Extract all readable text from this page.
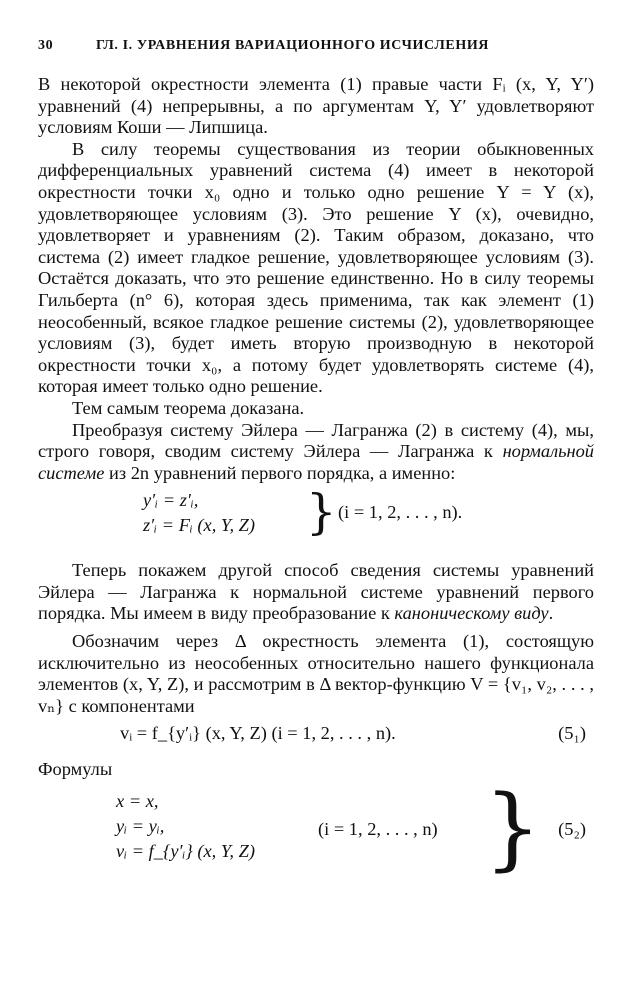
30	ГЛ. I. УРАВНЕНИЯ ВАРИАЦИОННОГО ИСЧИСЛЕНИЯ

В некоторой окрестности элемента (1) правые части Fᵢ (x, Y, Y′) уравнений (4) непрерывны, а по аргументам Y, Y′ удовлетворяют условиям Коши — Липшица.

В силу теоремы существования из теории обыкновенных дифференциальных уравнений система (4) имеет в некоторой окрестности точки x₀ одно и только одно решение Y = Y (x), удовлетворяющее условиям (3). Это решение Y (x), очевидно, удовлетворяет и уравнениям (2). Таким образом, доказано, что система (2) имеет гладкое решение, удовлетворяющее условиям (3). Остаётся доказать, что это решение единственно. Но в силу теоремы Гильберта (n° 6), которая здесь применима, так как элемент (1) неособенный, всякое гладкое решение системы (2), удовлетворяющее условиям (3), будет иметь вторую производную в некоторой окрестности точки x₀, а потому будет удовлетворять системе (4), которая имеет только одно решение.

Тем самым теорема доказана.

Преобразуя систему Эйлера — Лагранжа (2) в систему (4), мы, строго говоря, сводим систему Эйлера — Лагранжа к нормальной системе из 2n уравнений первого порядка, а именно:

y′ᵢ = z′ᵢ,
z′ᵢ = Fᵢ (x, Y, Z) } (i = 1, 2, . . . , n).

Теперь покажем другой способ сведения системы уравнений Эйлера — Лагранжа к нормальной системе уравнений первого порядка. Мы имеем в виду преобразование к каноническому виду.

Обозначим через Δ окрестность элемента (1), состоящую исключительно из неособенных относительно нашего функционала элементов (x, Y, Z), и рассмотрим в Δ вектор-функцию V = {v₁, v₂, . . . , vₙ} с компонентами

vᵢ = f_{y′ᵢ} (x, Y, Z) (i = 1, 2, . . . , n).	(5₁)

Формулы

x = x,
yᵢ = yᵢ,
vᵢ = f_{y′ᵢ} (x, Y, Z)
(i = 1, 2, . . . , n) } (5₂)
